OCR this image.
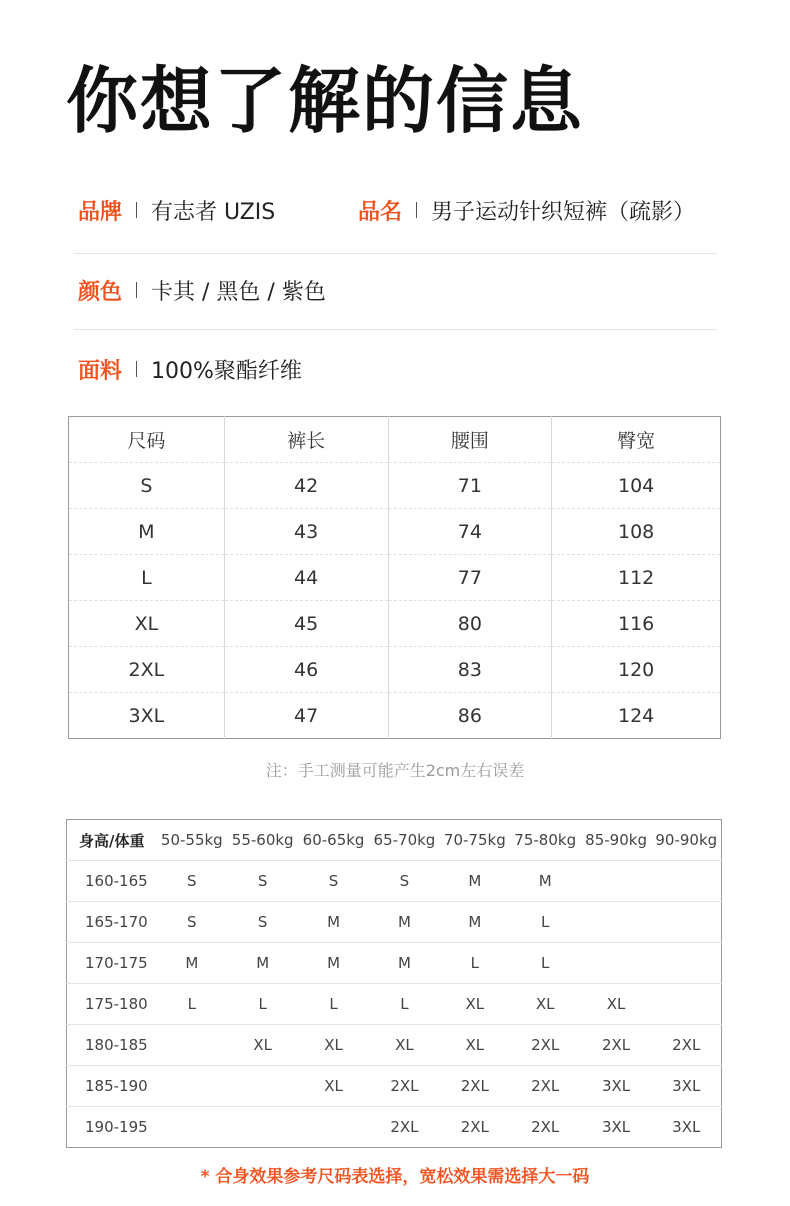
你想了解的信息
品牌 有志者 UZIS	品名 男子运动针织短裤（疏影）
颜色 卡其 / 黑色 / 紫色
面料 100%聚酯纤维
尺码	裤长	腰围	臀宽
S	42	71	104
M	43	74	108
L	44	77	112
XL	45	80	116
2XL	46	83	120
3XL	47	86	124
注：手工测量可能产生2cm左右误差
身高/体重	50-55kg	55-60kg	60-65kg	65-70kg	70-75kg	75-80kg	85-90kg	90-90kg
160-165	S	S	S	S	M	M		
165-170	S	S	M	M	M	L		
170-175	M	M	M	M	L	L		
175-180	L	L	L	L	XL	XL	XL	
180-185		XL	XL	XL	XL	2XL	2XL	2XL
185-190			XL	2XL	2XL	2XL	3XL	3XL
190-195				2XL	2XL	2XL	3XL	3XL
* 合身效果参考尺码表选择，宽松效果需选择大一码
